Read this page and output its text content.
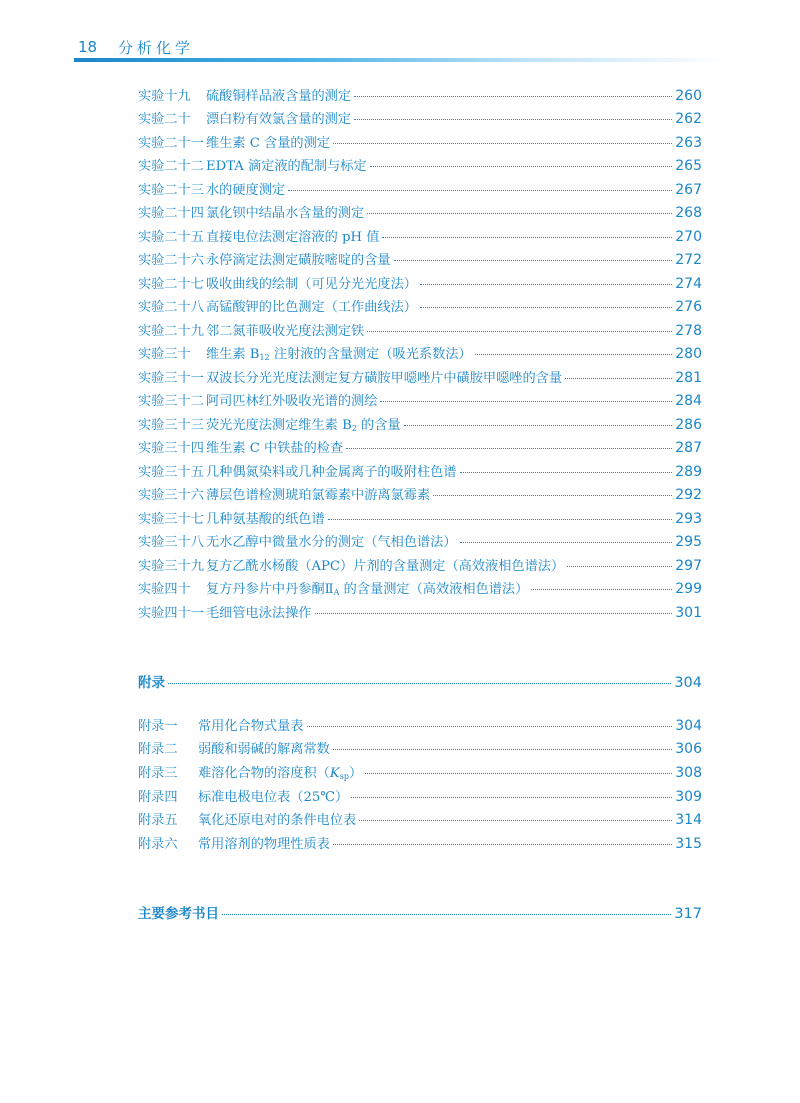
18 分析化学
实验十九	硫酸铜样品液含量的测定	260
实验二十	漂白粉有效氯含量的测定	262
实验二十一 维生素 C 含量的测定	263
实验二十二 EDTA 滴定液的配制与标定	265
实验二十三 水的硬度测定	267
实验二十四 氯化钡中结晶水含量的测定	268
实验二十五 直接电位法测定溶液的 pH 值	270
实验二十六 永停滴定法测定磺胺嘧啶的含量	272
实验二十七 吸收曲线的绘制（可见分光光度法）	274
实验二十八 高锰酸钾的比色测定（工作曲线法）	276
实验二十九 邻二氮菲吸收光度法测定铁	278
实验三十	维生素 $B_{12}$ 注射液的含量测定（吸光系数法）	280
实验三十一 双波长分光光度法测定复方磺胺甲噁唑片中磺胺甲噁唑的含量	281
实验三十二 阿司匹林红外吸收光谱的测绘	284
实验三十三 荧光光度法测定维生素 $B_2$ 的含量	286
实验三十四 维生素 C 中铁盐的检查	287
实验三十五 几种偶氮染料或几种金属离子的吸附柱色谱	289
实验三十六 薄层色谱检测琥珀氯霉素中游离氯霉素	292
实验三十七 几种氨基酸的纸色谱	293
实验三十八 无水乙醇中微量水分的测定（气相色谱法）	295
实验三十九 复方乙酰水杨酸（APC）片剂的含量测定（高效液相色谱法）	297
实验四十	复方丹参片中丹参酮$Ⅱ_A$ 的含量测定（高效液相色谱法）	299
实验四十一 毛细管电泳法操作	301
附录	304
附录一	常用化合物式量表	304
附录二	弱酸和弱碱的解离常数	306
附录三	难溶化合物的溶度积$(K_{sp})$	308
附录四	标准电极电位表（25℃）	309
附录五	氧化还原电对的条件电位表	314
附录六	常用溶剂的物理性质表	315
主要参考书目	317
